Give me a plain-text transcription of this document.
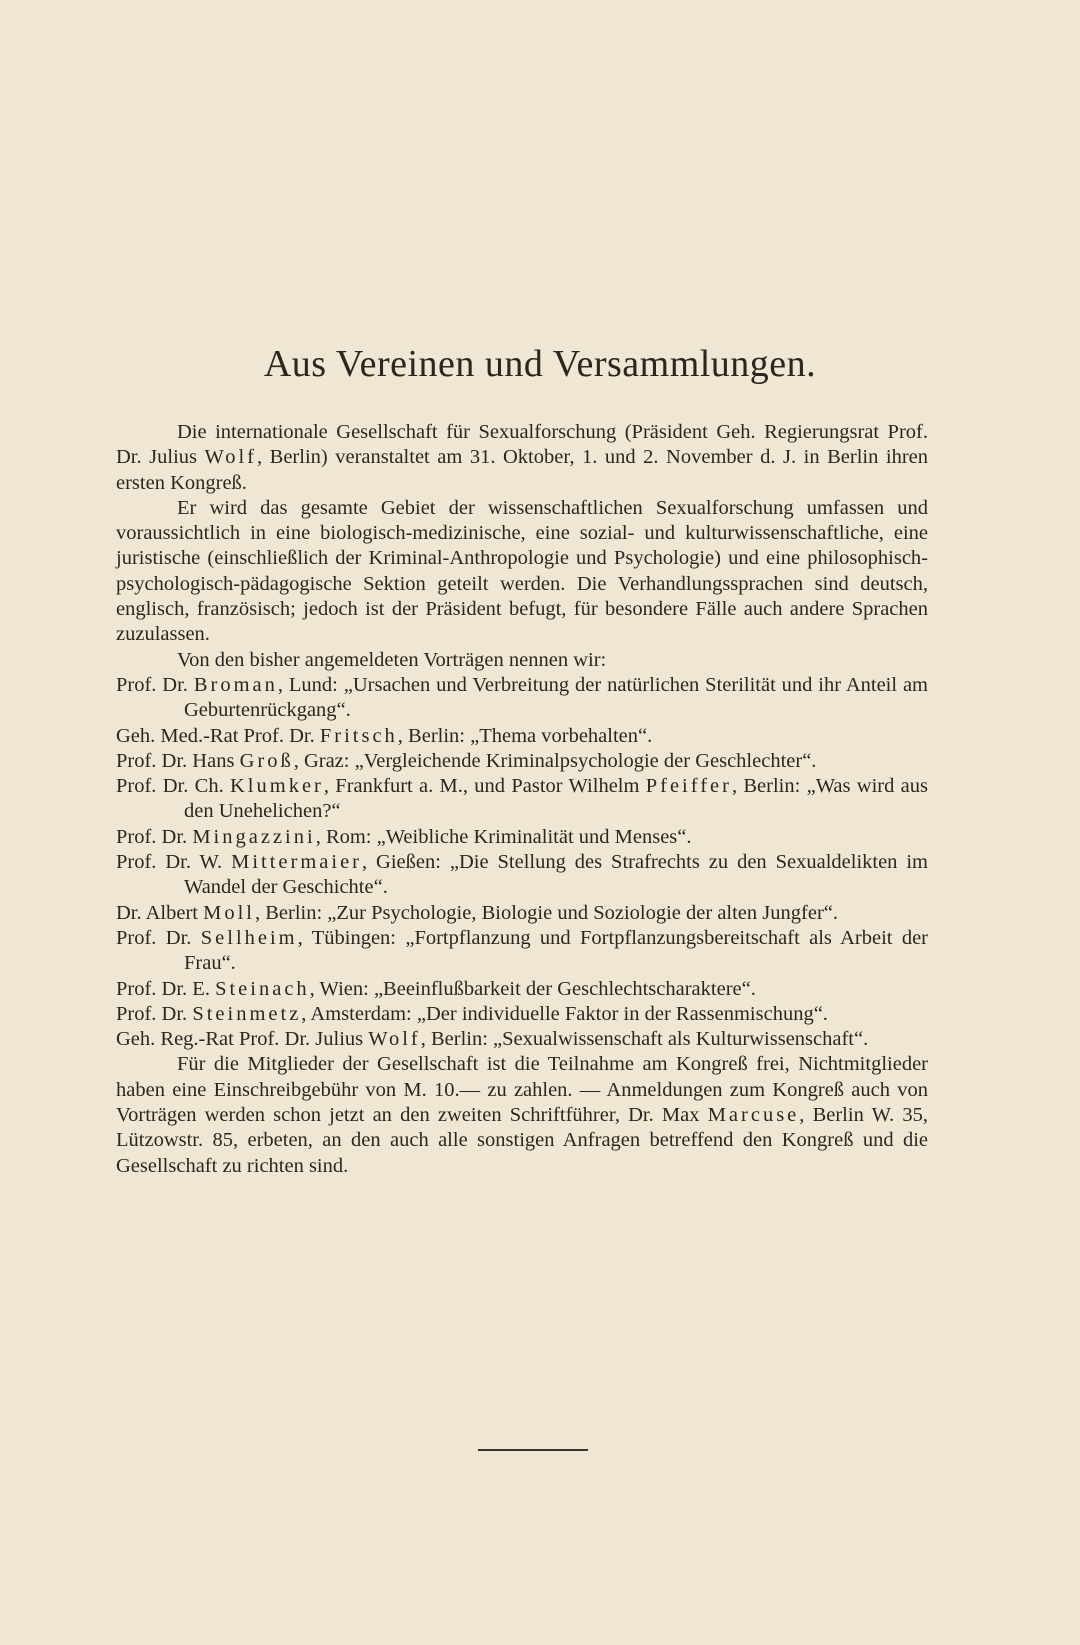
Aus Vereinen und Versammlungen.

Die internationale Gesellschaft für Sexualforschung (Präsident Geh. Regierungsrat Prof. Dr. Julius Wolf, Berlin) veranstaltet am 31. Oktober, 1. und 2. November d. J. in Berlin ihren ersten Kongreß.

Er wird das gesamte Gebiet der wissenschaftlichen Sexualforschung umfassen und voraussichtlich in eine biologisch-medizinische, eine sozial- und kulturwissenschaftliche, eine juristische (einschließlich der Kriminal-Anthropologie und Psychologie) und eine philosophisch-psychologisch-pädagogische Sektion geteilt werden. Die Verhandlungssprachen sind deutsch, englisch, französisch; jedoch ist der Präsident befugt, für besondere Fälle auch andere Sprachen zuzulassen.

Von den bisher angemeldeten Vorträgen nennen wir:

Prof. Dr. Broman, Lund: „Ursachen und Verbreitung der natürlichen Sterilität und ihr Anteil am Geburtenrückgang“.

Geh. Med.-Rat Prof. Dr. Fritsch, Berlin: „Thema vorbehalten“.

Prof. Dr. Hans Groß, Graz: „Vergleichende Kriminalpsychologie der Geschlechter“.

Prof. Dr. Ch. Klumker, Frankfurt a. M., und Pastor Wilhelm Pfeiffer, Berlin: „Was wird aus den Unehelichen?“

Prof. Dr. Mingazzini, Rom: „Weibliche Kriminalität und Menses“.

Prof. Dr. W. Mittermaier, Gießen: „Die Stellung des Strafrechts zu den Sexualdelikten im Wandel der Geschichte“.

Dr. Albert Moll, Berlin: „Zur Psychologie, Biologie und Soziologie der alten Jungfer“.

Prof. Dr. Sellheim, Tübingen: „Fortpflanzung und Fortpflanzungsbereitschaft als Arbeit der Frau“.

Prof. Dr. E. Steinach, Wien: „Beeinflußbarkeit der Geschlechtscharaktere“.

Prof. Dr. Steinmetz, Amsterdam: „Der individuelle Faktor in der Rassenmischung“.

Geh. Reg.-Rat Prof. Dr. Julius Wolf, Berlin: „Sexualwissenschaft als Kulturwissenschaft“.

Für die Mitglieder der Gesellschaft ist die Teilnahme am Kongreß frei, Nichtmitglieder haben eine Einschreibgebühr von M. 10.— zu zahlen. — Anmeldungen zum Kongreß auch von Vorträgen werden schon jetzt an den zweiten Schriftführer, Dr. Max Marcuse, Berlin W. 35, Lützowstr. 85, erbeten, an den auch alle sonstigen Anfragen betreffend den Kongreß und die Gesellschaft zu richten sind.
